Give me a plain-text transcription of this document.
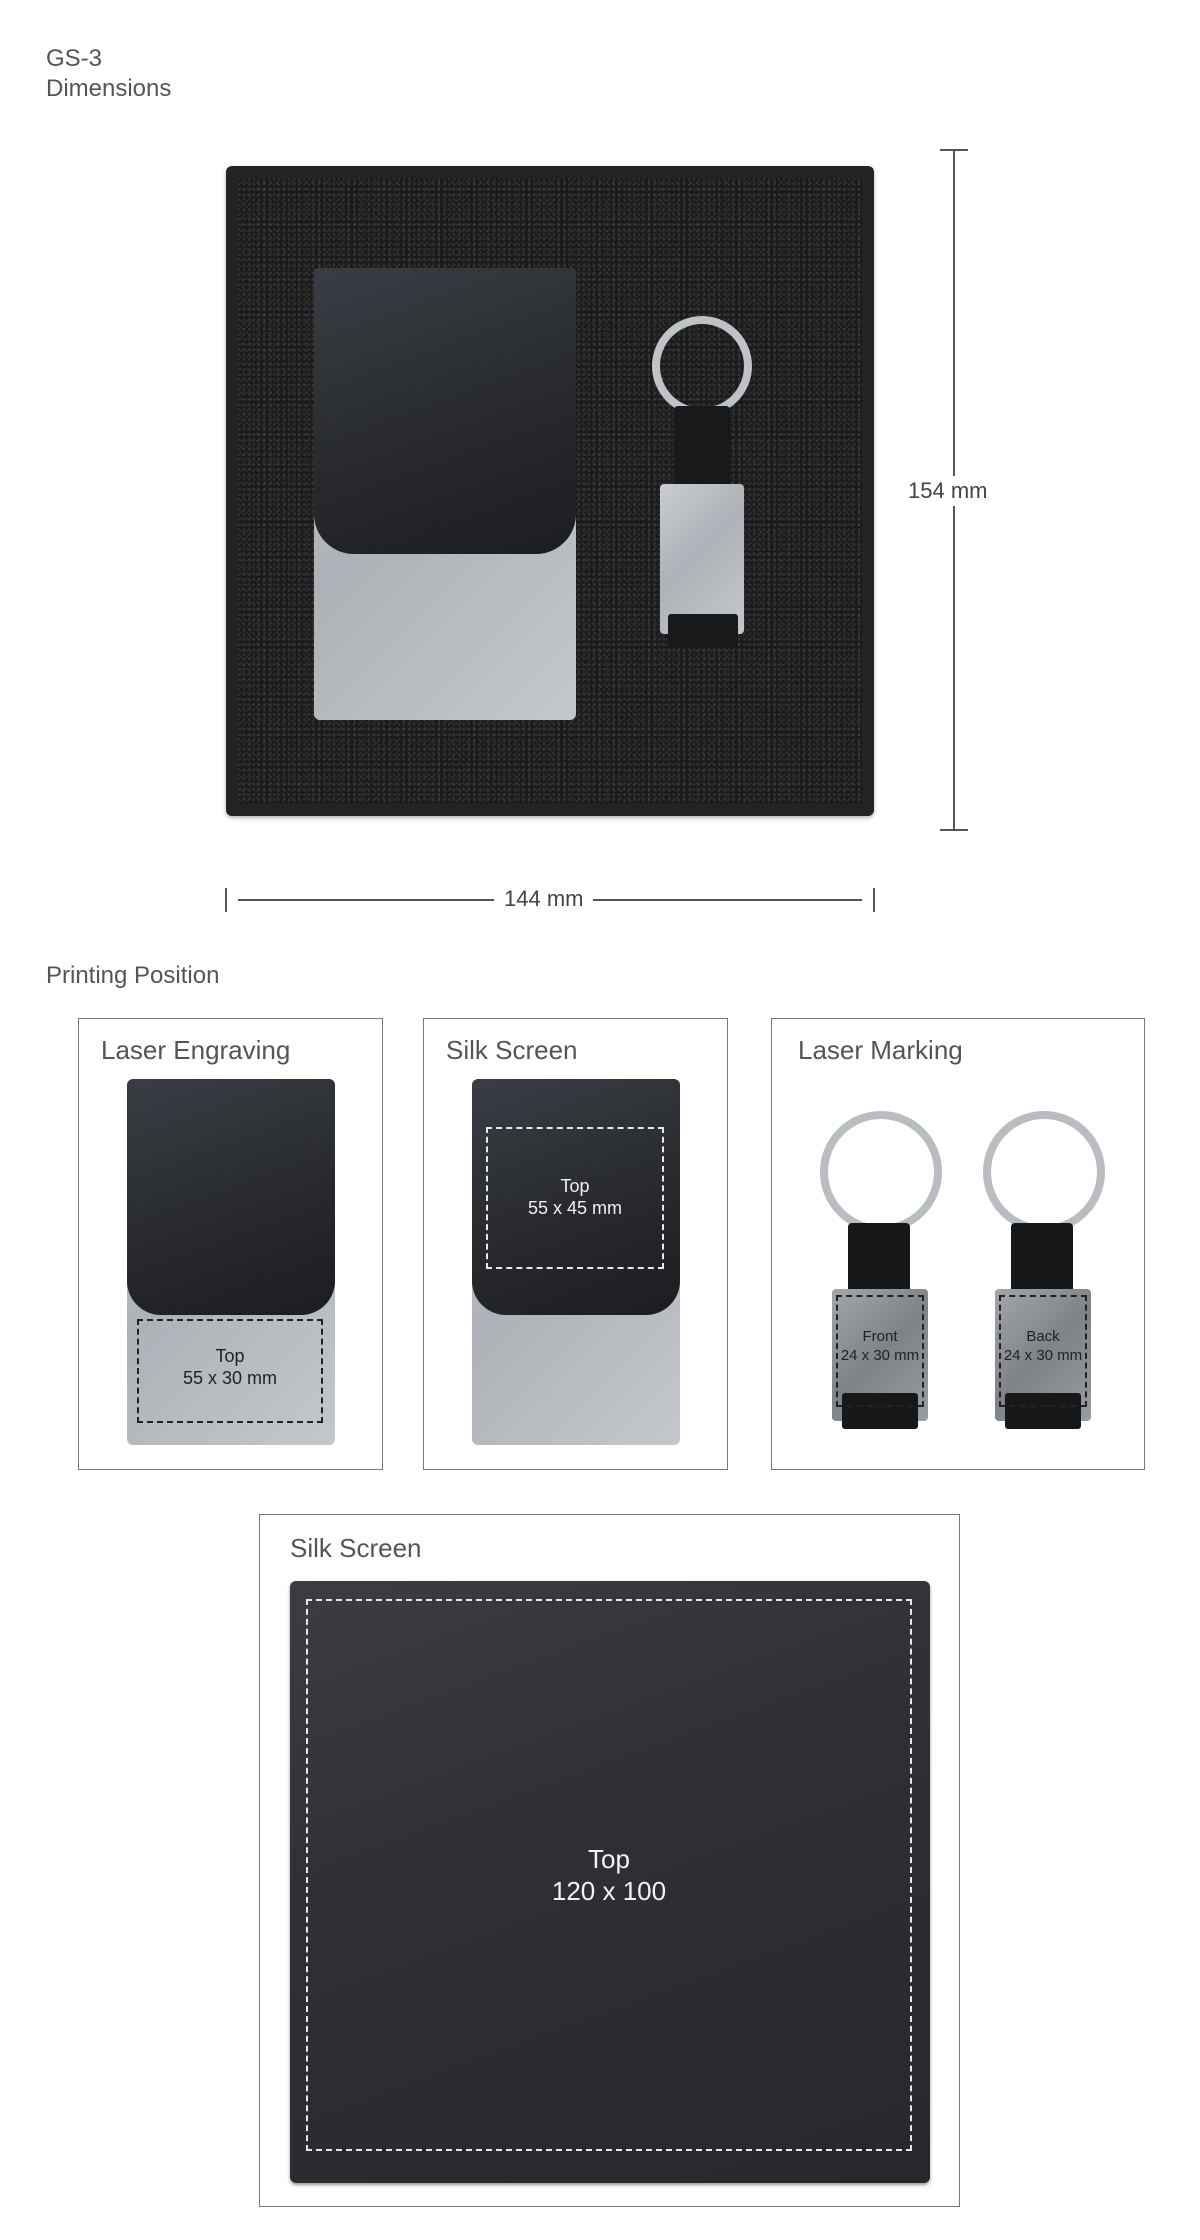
GS-3
Dimensions
154 mm
144 mm
Printing Position
Laser Engraving
Top
55 x 30 mm
Silk Screen
Top
55 x 45 mm
Laser Marking
Front
24 x 30 mm
Back
24 x 30 mm
Silk Screen
Top
120 x 100
